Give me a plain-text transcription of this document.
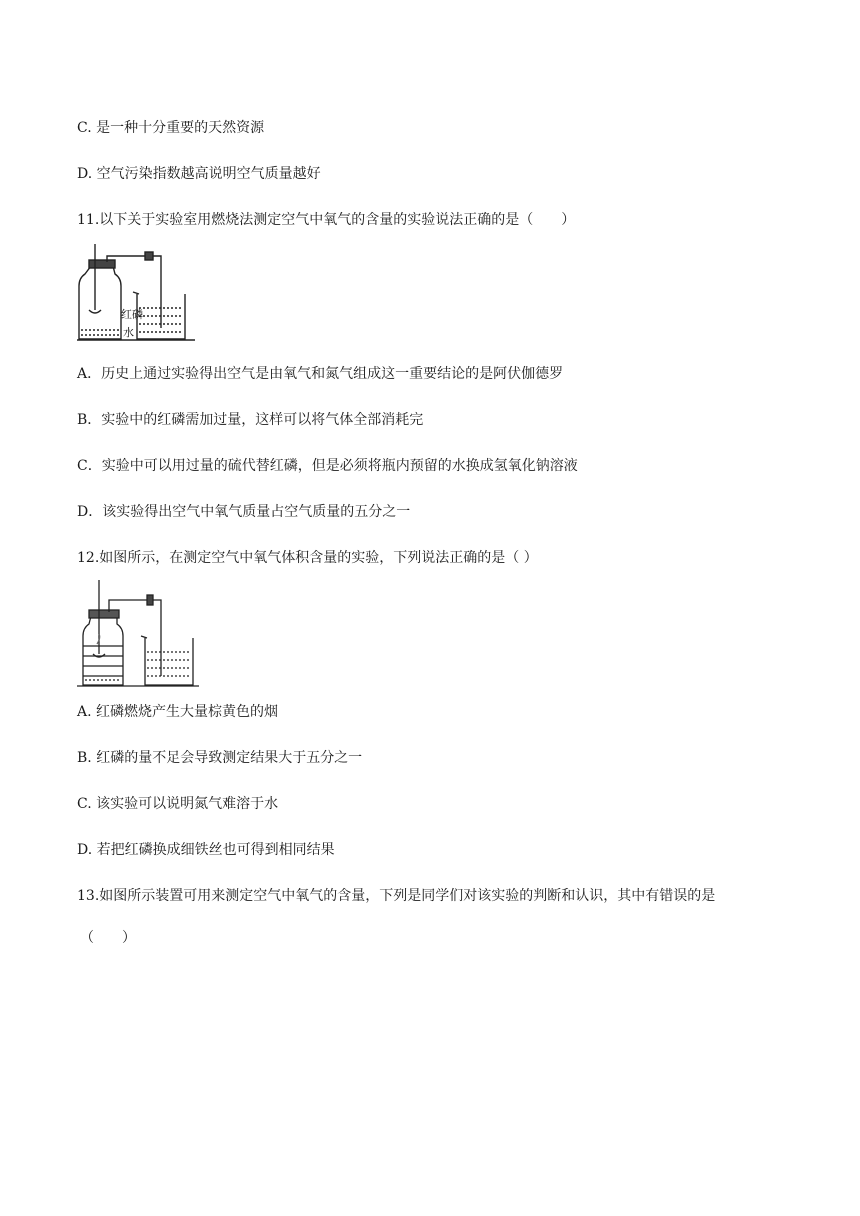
C. 是一种十分重要的天然资源
D. 空气污染指数越高说明空气质量越好
11.以下关于实验室用燃烧法测定空气中氧气的含量的实验说法正确的是（　　）
红磷
水
A．历史上通过实验得出空气是由氧气和氮气组成这一重要结论的是阿伏伽德罗
B．实验中的红磷需加过量，这样可以将气体全部消耗完
C．实验中可以用过量的硫代替红磷，但是必须将瓶内预留的水换成氢氧化钠溶液
D．该实验得出空气中氧气质量占空气质量的五分之一
12.如图所示，在测定空气中氧气体积含量的实验，下列说法正确的是（ ）
A. 红磷燃烧产生大量棕黄色的烟
B. 红磷的量不足会导致测定结果大于五分之一
C. 该实验可以说明氮气难溶于水
D. 若把红磷换成细铁丝也可得到相同结果
13.如图所示装置可用来测定空气中氧气的含量，下列是同学们对该实验的判断和认识，其中有错误的是
（　　）
